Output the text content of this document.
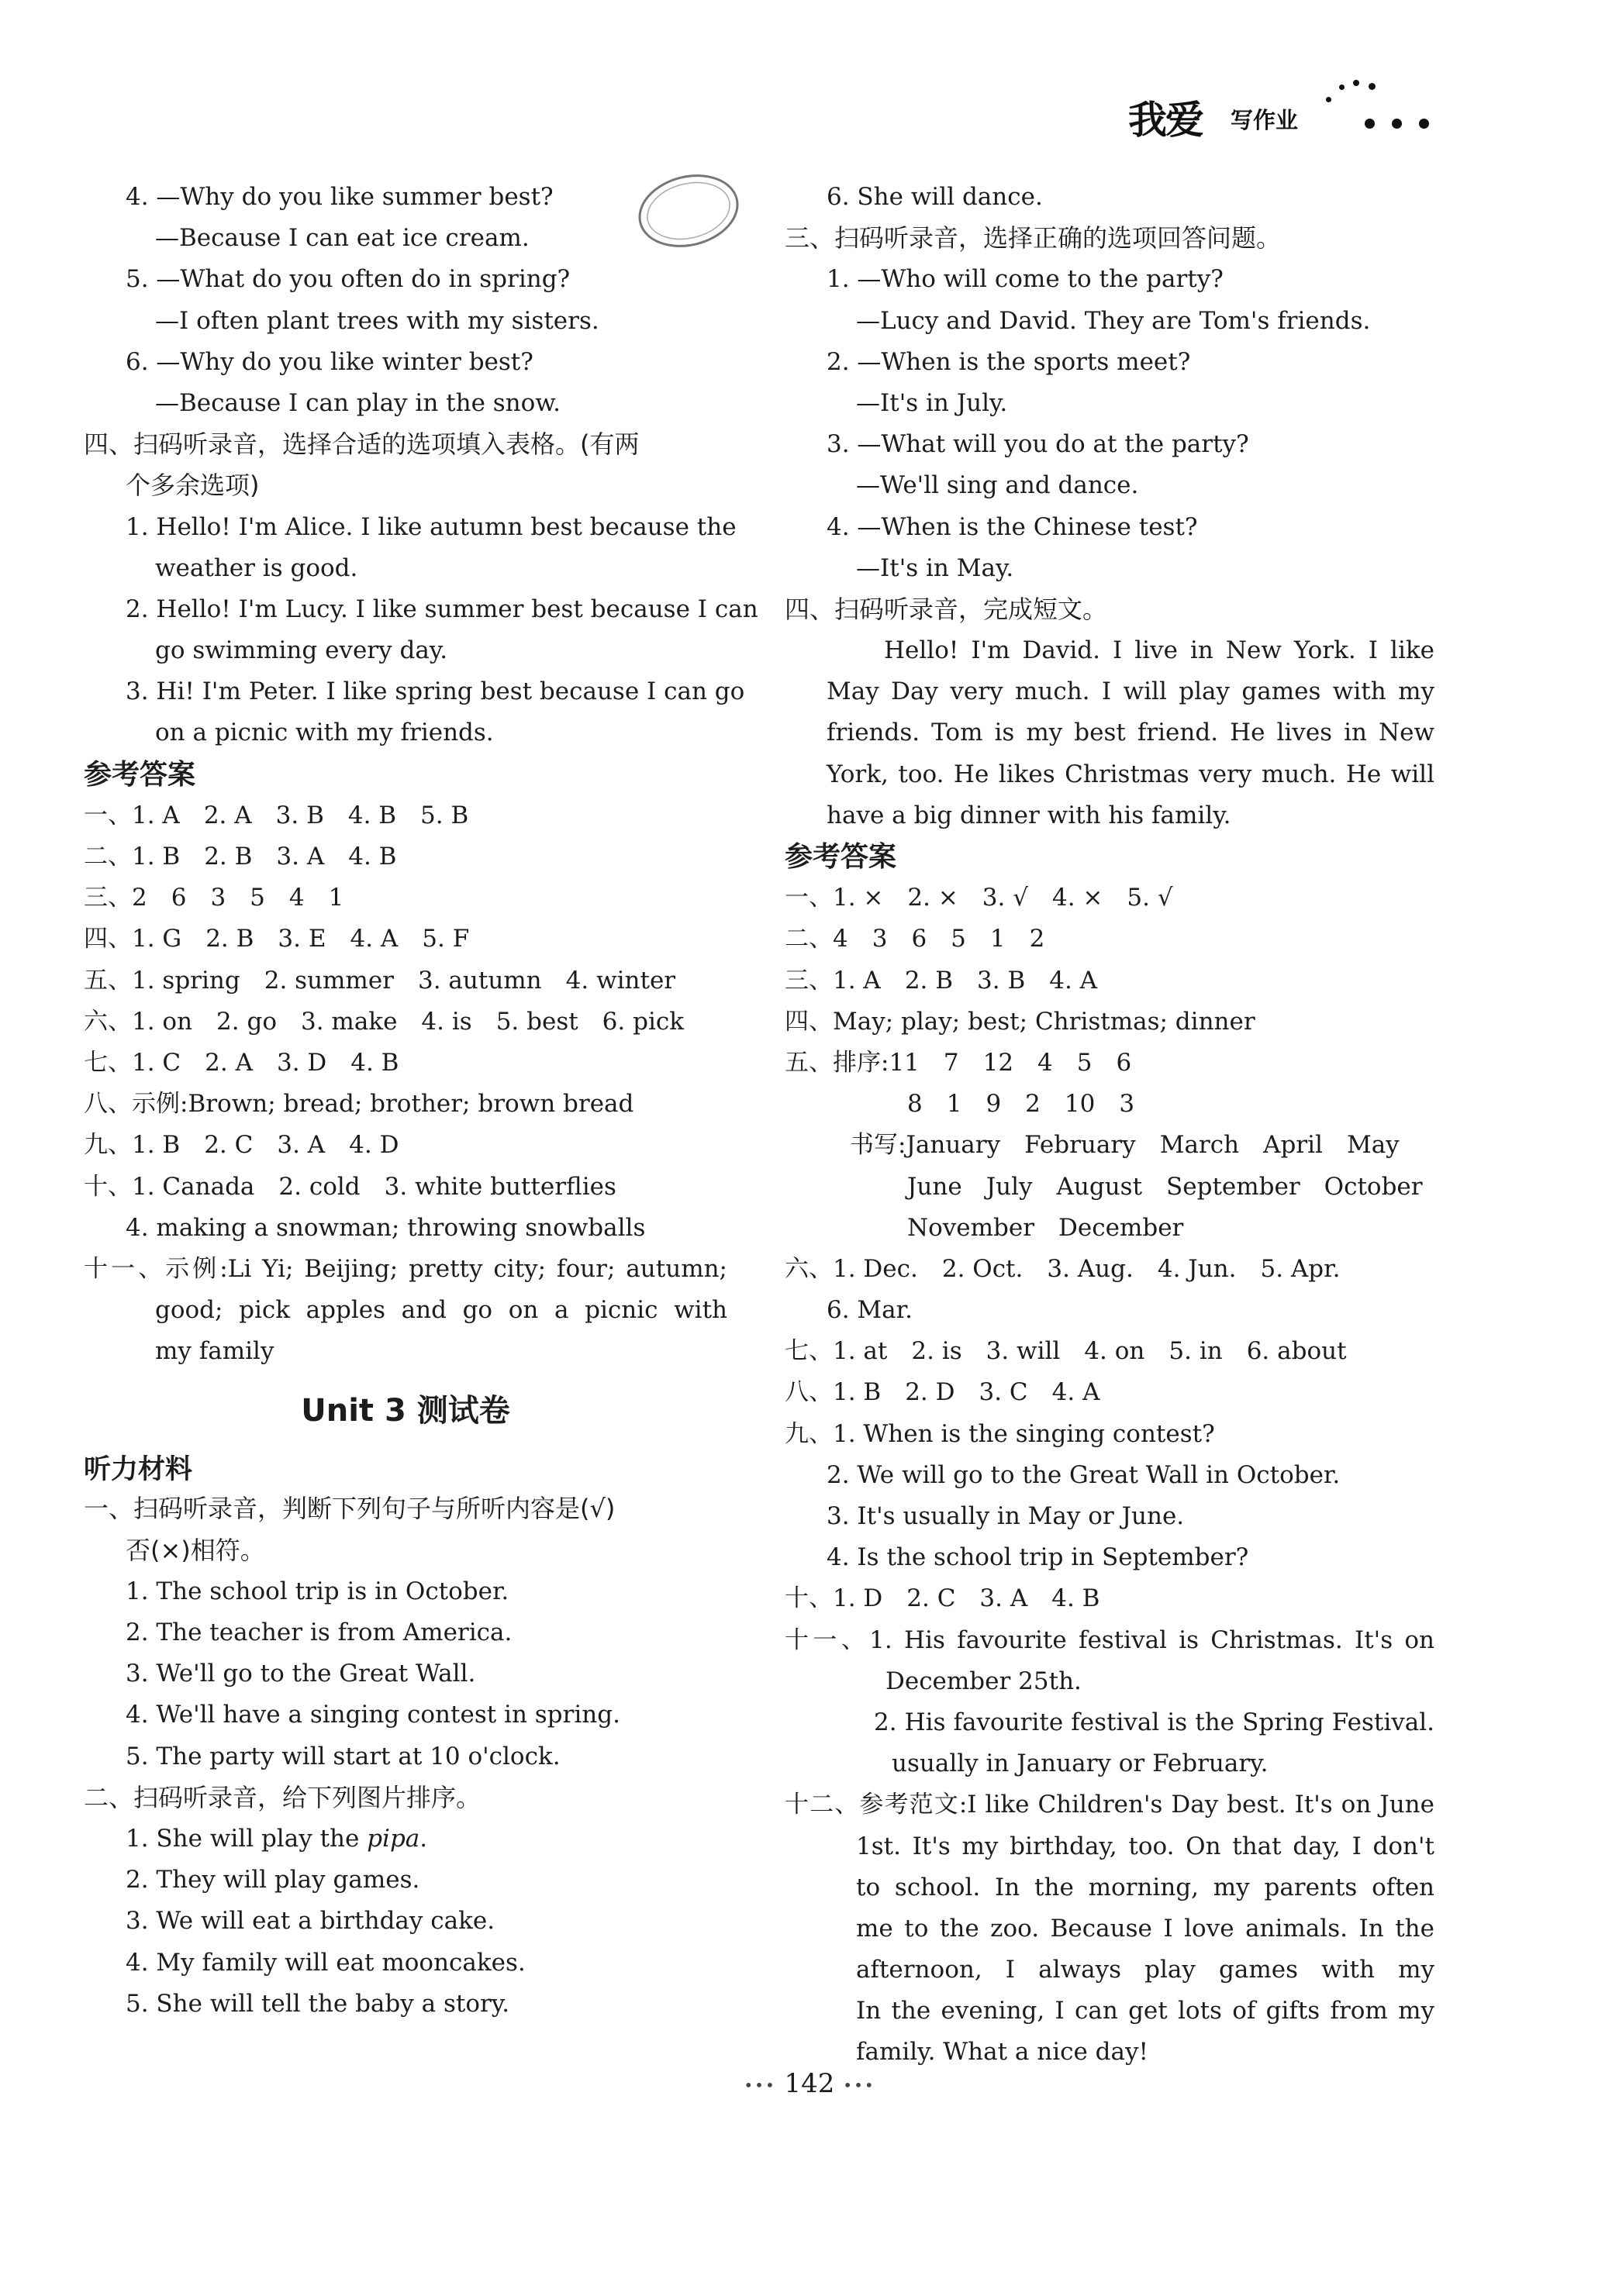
我爱 写作业
4. —Why do you like summer best?
—Because I can eat ice cream.
5. —What do you often do in spring?
—I often plant trees with my sisters.
6. —Why do you like winter best?
—Because I can play in the snow.
四、扫码听录音，选择合适的选项填入表格。(有两
个多余选项)
1. Hello! I'm Alice. I like autumn best because the
weather is good.
2. Hello! I'm Lucy. I like summer best because I can
go swimming every day.
3. Hi! I'm Peter. I like spring best because I can go
on a picnic with my friends.
参考答案
一、1. A　2. A　3. B　4. B　5. B
二、1. B　2. B　3. A　4. B
三、2　6　3　5　4　1
四、1. G　2. B　3. E　4. A　5. F
五、1. spring　2. summer　3. autumn　4. winter
六、1. on　2. go　3. make　4. is　5. best　6. pick
七、1. C　2. A　3. D　4. B
八、示例:Brown; bread; brother; brown bread
九、1. B　2. C　3. A　4. D
十、1. Canada　2. cold　3. white butterflies
4. making a snowman; throwing snowballs
十一、示例:Li Yi; Beijing; pretty city; four; autumn;
good; pick apples and go on a picnic with
my family
Unit 3 测试卷
听力材料
一、扫码听录音，判断下列句子与所听内容是(√)
否(×)相符。
1. The school trip is in October.
2. The teacher is from America.
3. We'll go to the Great Wall.
4. We'll have a singing contest in spring.
5. The party will start at 10 o'clock.
二、扫码听录音，给下列图片排序。
1. She will play the pipa.
2. They will play games.
3. We will eat a birthday cake.
4. My family will eat mooncakes.
5. She will tell the baby a story.
6. She will dance.
三、扫码听录音，选择正确的选项回答问题。
1. —Who will come to the party?
—Lucy and David. They are Tom's friends.
2. —When is the sports meet?
—It's in July.
3. —What will you do at the party?
—We'll sing and dance.
4. —When is the Chinese test?
—It's in May.
四、扫码听录音，完成短文。
Hello! I'm David. I live in New York. I like
May Day very much. I will play games with my
friends. Tom is my best friend. He lives in New
York, too. He likes Christmas very much. He will
have a big dinner with his family.
参考答案
一、1. ×　2. ×　3. √　4. ×　5. √
二、4　3　6　5　1　2
三、1. A　2. B　3. B　4. A
四、May; play; best; Christmas; dinner
五、排序:11　7　12　4　5　6
8　1　9　2　10　3
书写:January　February　March　April　May
June　July　August　September　October
November　December
六、1. Dec.　2. Oct.　3. Aug.　4. Jun.　5. Apr.
6. Mar.
七、1. at　2. is　3. will　4. on　5. in　6. about
八、1. B　2. D　3. C　4. A
九、1. When is the singing contest?
2. We will go to the Great Wall in October.
3. It's usually in May or June.
4. Is the school trip in September?
十、1. D　2. C　3. A　4. B
十一、1. His favourite festival is Christmas. It's on
December 25th.
2. His favourite festival is the Spring Festival.
usually in January or February.
十二、参考范文:I like Children's Day best. It's on June
1st. It's my birthday, too. On that day, I don't
to school. In the morning, my parents often
me to the zoo. Because I love animals. In the
afternoon, I always play games with my
In the evening, I can get lots of gifts from my
family. What a nice day!
••• 142 •••
